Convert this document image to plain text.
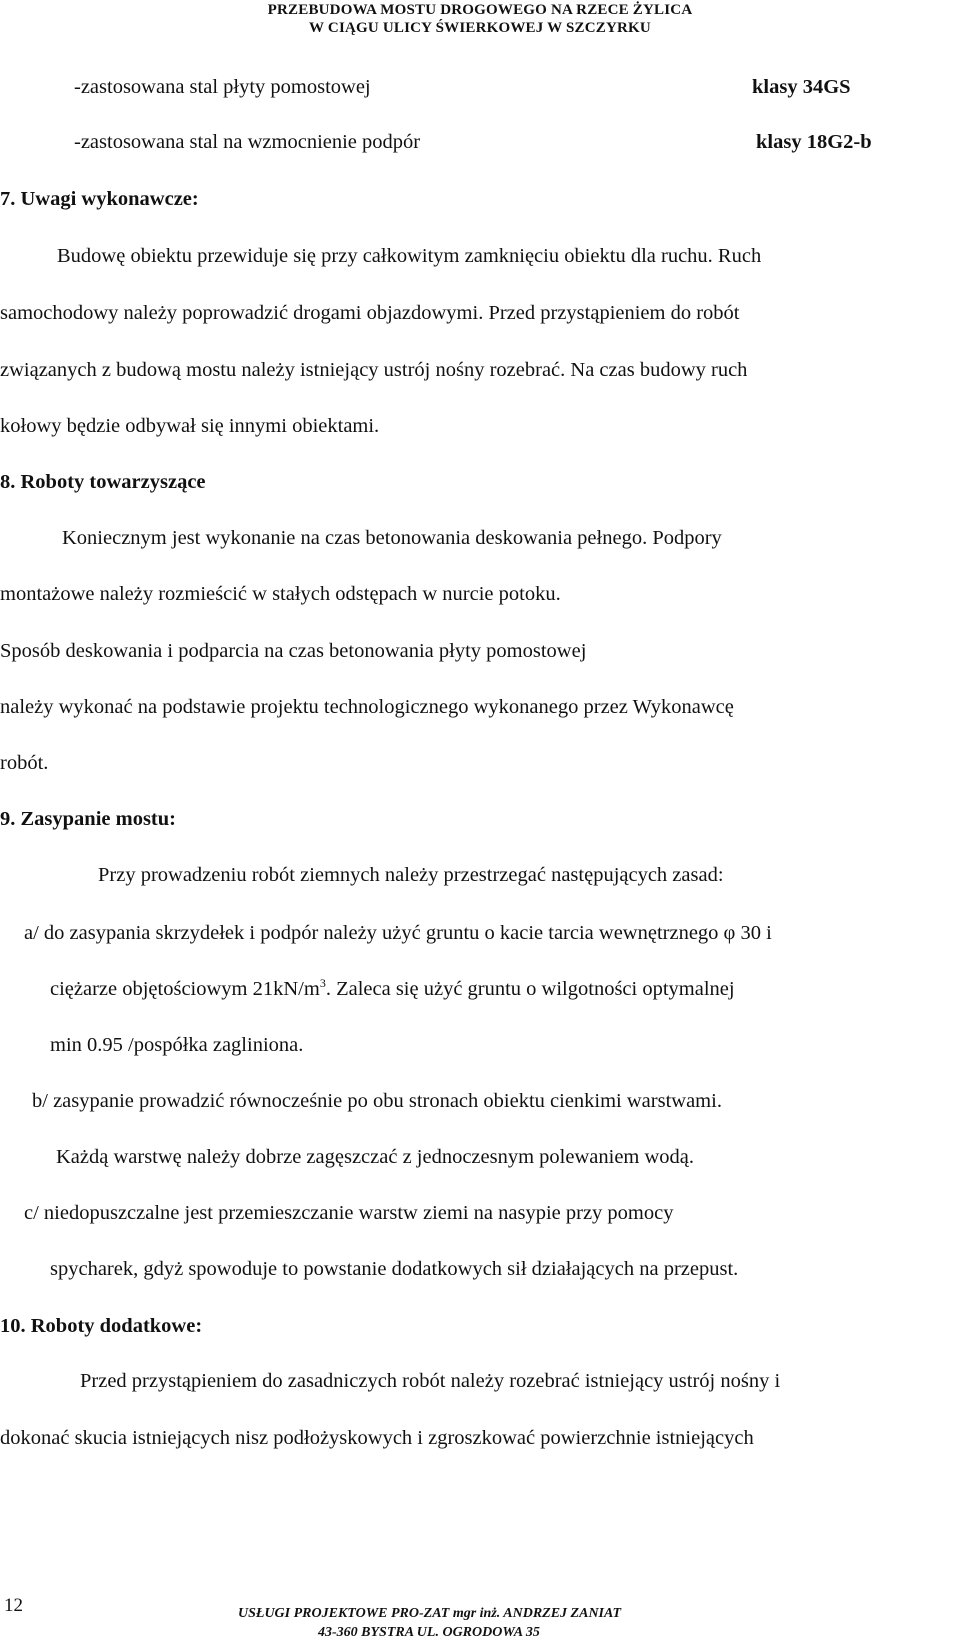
PRZEBUDOWA MOSTU DROGOWEGO NA RZECE ŻYLICA
W CIĄGU ULICY ŚWIERKOWEJ W SZCZYRKU
-zastosowana stal płyty pomostowej	klasy 34GS
-zastosowana stal na wzmocnienie podpór	klasy 18G2-b
7. Uwagi wykonawcze:
Budowę obiektu przewiduje się przy całkowitym zamknięciu obiektu dla ruchu. Ruch
samochodowy należy poprowadzić drogami objazdowymi. Przed przystąpieniem do robót
związanych z budową mostu należy istniejący ustrój nośny rozebrać. Na czas budowy ruch
kołowy będzie odbywał się innymi obiektami.
8. Roboty towarzyszące
Koniecznym jest wykonanie na czas betonowania deskowania pełnego. Podpory
montażowe należy rozmieścić w stałych odstępach w nurcie potoku.
Sposób deskowania i podparcia na czas betonowania płyty pomostowej
należy wykonać na podstawie projektu technologicznego wykonanego przez Wykonawcę
robót.
9. Zasypanie mostu:
Przy prowadzeniu robót ziemnych należy przestrzegać następujących zasad:
a/ do zasypania skrzydełek i podpór należy użyć gruntu o kacie tarcia wewnętrznego φ 30 i
ciężarze objętościowym $21kN/m^3$. Zaleca się użyć gruntu o wilgotności optymalnej
min 0.95 /pospółka zagliniona.
b/ zasypanie prowadzić równocześnie po obu stronach obiektu cienkimi warstwami.
Każdą warstwę należy dobrze zagęszczać z jednoczesnym polewaniem wodą.
c/ niedopuszczalne jest przemieszczanie warstw ziemi na nasypie przy pomocy
spycharek, gdyż spowoduje to powstanie dodatkowych sił działających na przepust.
10. Roboty dodatkowe:
Przed przystąpieniem do zasadniczych robót należy rozebrać istniejący ustrój nośny i
dokonać skucia istniejących nisz podłożyskowych i zgroszkować powierzchnie istniejących
12	USŁUGI PROJEKTOWE PRO-ZAT mgr inż. ANDRZEJ ZANIAT
43-360 BYSTRA UL. OGRODOWA 35
